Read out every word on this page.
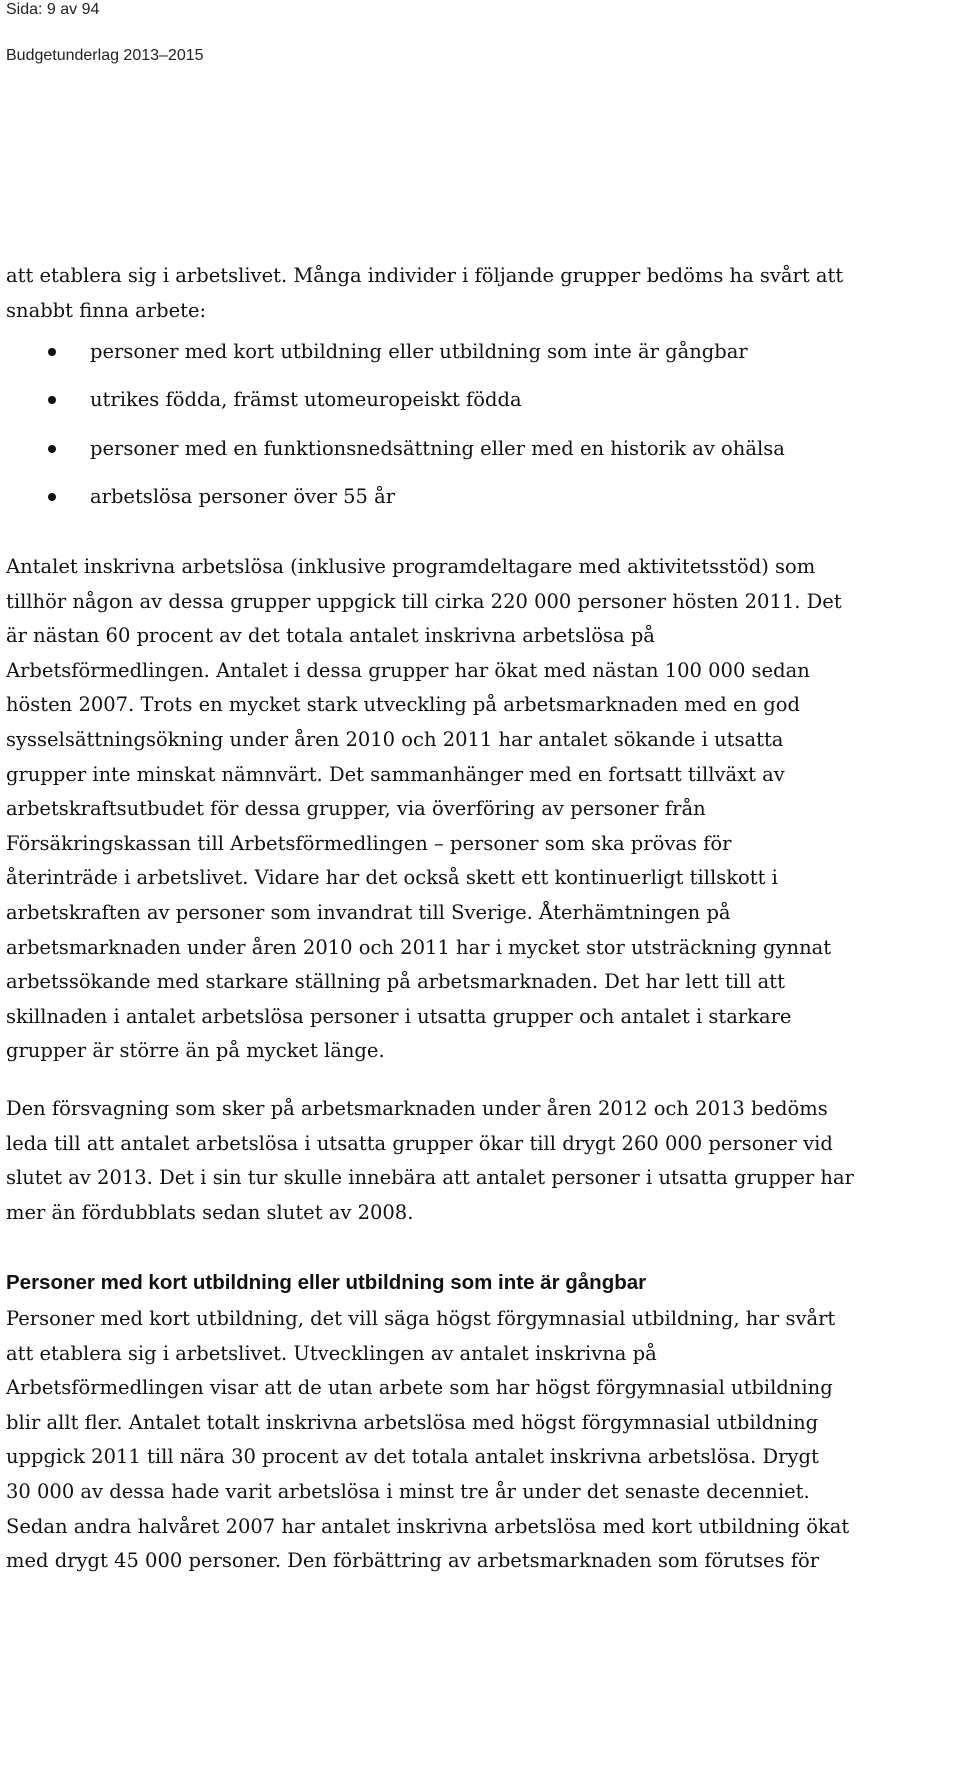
Sida: 9 av 94
Budgetunderlag 2013–2015
att etablera sig i arbetslivet. Många individer i följande grupper bedöms ha svårt att
snabbt finna arbete:
personer med kort utbildning eller utbildning som inte är gångbar
utrikes födda, främst utomeuropeiskt födda
personer med en funktionsnedsättning eller med en historik av ohälsa
arbetslösa personer över 55 år
Antalet inskrivna arbetslösa (inklusive programdeltagare med aktivitetsstöd) som
tillhör någon av dessa grupper uppgick till cirka 220 000 personer hösten 2011. Det
är nästan 60 procent av det totala antalet inskrivna arbetslösa på
Arbetsförmedlingen. Antalet i dessa grupper har ökat med nästan 100 000 sedan
hösten 2007. Trots en mycket stark utveckling på arbetsmarknaden med en god
sysselsättningsökning under åren 2010 och 2011 har antalet sökande i utsatta
grupper inte minskat nämnvärt. Det sammanhänger med en fortsatt tillväxt av
arbetskraftsutbudet för dessa grupper, via överföring av personer från
Försäkringskassan till Arbetsförmedlingen – personer som ska prövas för
återinträde i arbetslivet. Vidare har det också skett ett kontinuerligt tillskott i
arbetskraften av personer som invandrat till Sverige. Återhämtningen på
arbetsmarknaden under åren 2010 och 2011 har i mycket stor utsträckning gynnat
arbetssökande med starkare ställning på arbetsmarknaden. Det har lett till att
skillnaden i antalet arbetslösa personer i utsatta grupper och antalet i starkare
grupper är större än på mycket länge.
Den försvagning som sker på arbetsmarknaden under åren 2012 och 2013 bedöms
leda till att antalet arbetslösa i utsatta grupper ökar till drygt 260 000 personer vid
slutet av 2013. Det i sin tur skulle innebära att antalet personer i utsatta grupper har
mer än fördubblats sedan slutet av 2008.
Personer med kort utbildning eller utbildning som inte är gångbar
Personer med kort utbildning, det vill säga högst förgymnasial utbildning, har svårt
att etablera sig i arbetslivet. Utvecklingen av antalet inskrivna på
Arbetsförmedlingen visar att de utan arbete som har högst förgymnasial utbildning
blir allt fler. Antalet totalt inskrivna arbetslösa med högst förgymnasial utbildning
uppgick 2011 till nära 30 procent av det totala antalet inskrivna arbetslösa. Drygt
30 000 av dessa hade varit arbetslösa i minst tre år under det senaste decenniet.
Sedan andra halvåret 2007 har antalet inskrivna arbetslösa med kort utbildning ökat
med drygt 45 000 personer. Den förbättring av arbetsmarknaden som förutses för
